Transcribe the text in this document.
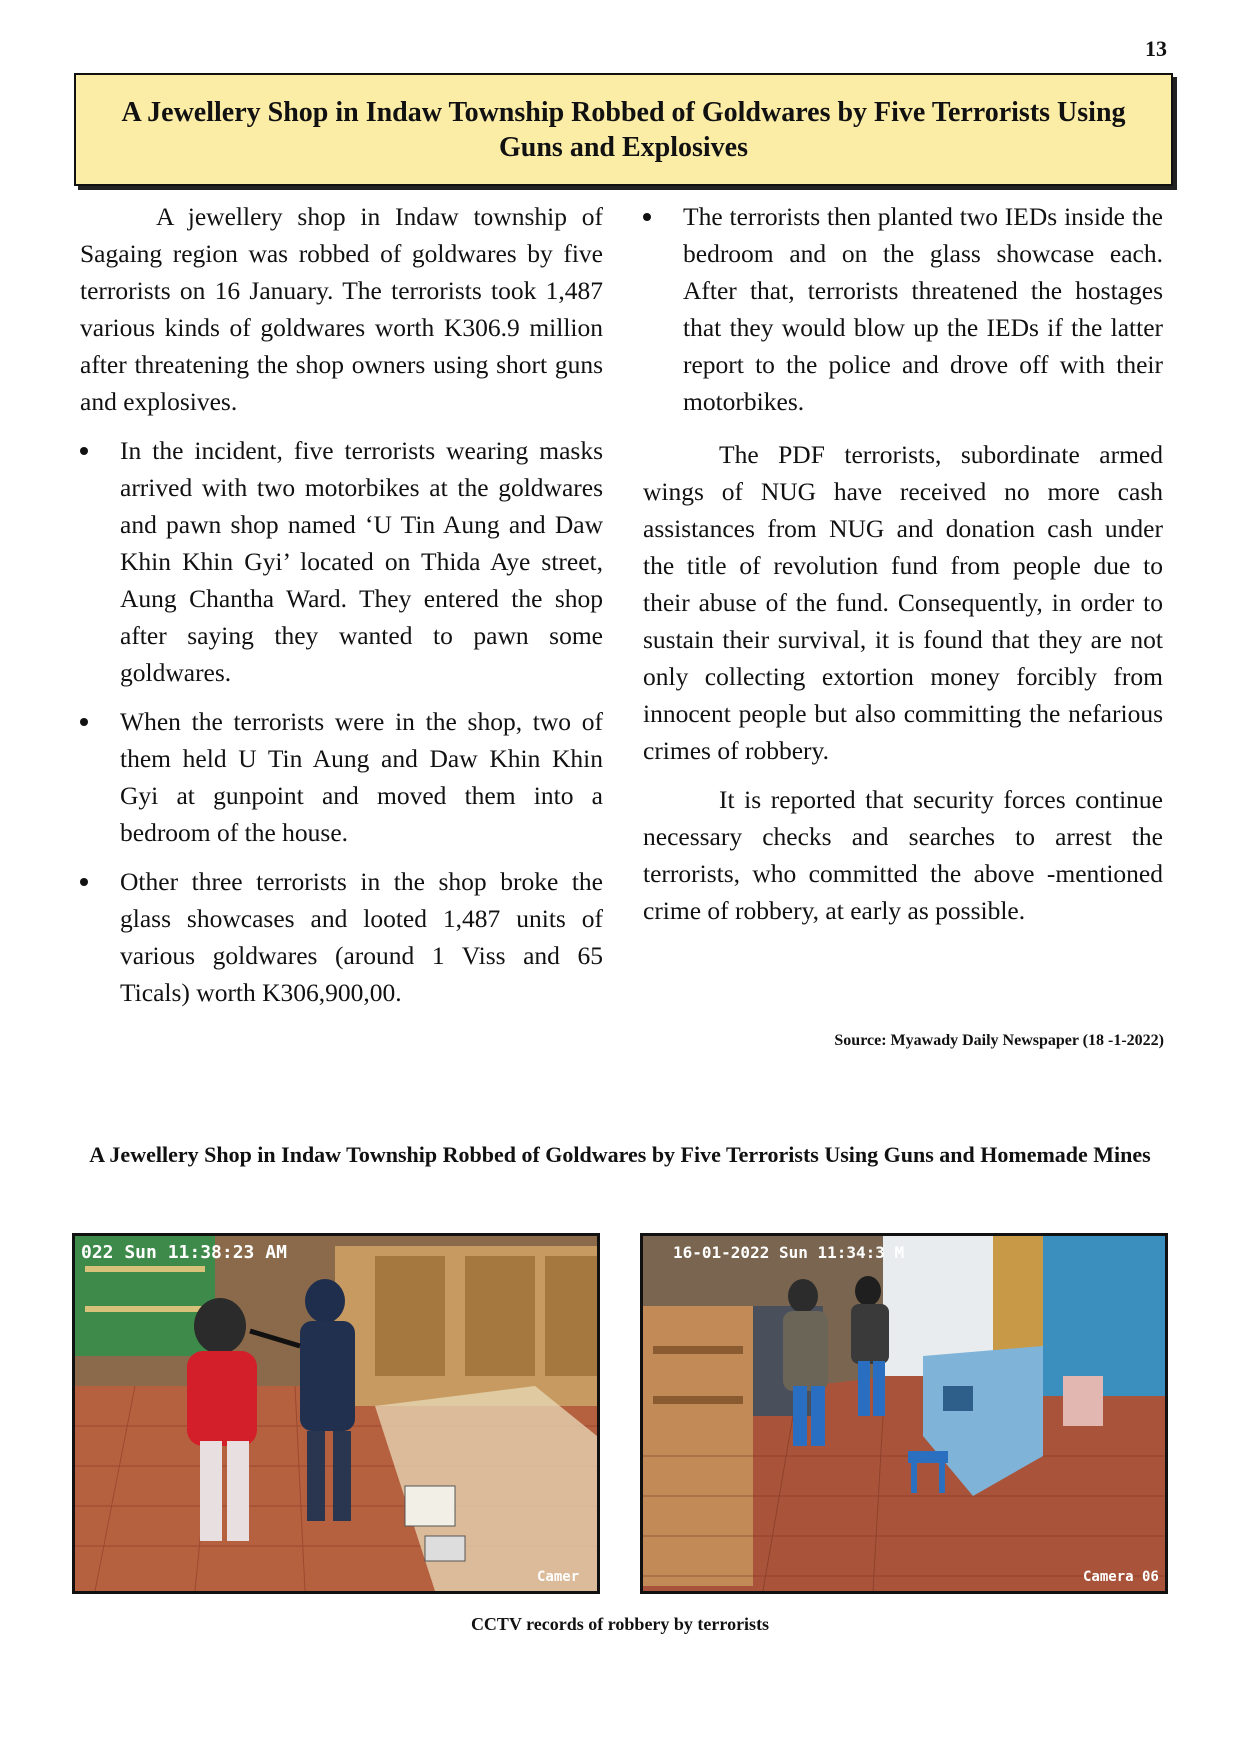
13
A Jewellery Shop in Indaw Township Robbed of Goldwares by Five Terrorists Using Guns and Explosives

A jewellery shop in Indaw township of Sagaing region was robbed of goldwares by five terrorists on 16 January. The terrorists took 1,487 various kinds of goldwares worth K306.9 million after threatening the shop owners using short guns and explosives.

In the incident, five terrorists wearing masks arrived with two motorbikes at the goldwares and pawn shop named ‘U Tin Aung and Daw Khin Khin Gyi’ located on Thida Aye street, Aung Chantha Ward. They entered the shop after saying they wanted to pawn some goldwares.
When the terrorists were in the shop, two of them held U Tin Aung and Daw Khin Khin Gyi at gunpoint and moved them into a bedroom of the house.
Other three terrorists in the shop broke the glass showcases and looted 1,487 units of various goldwares (around 1 Viss and 65 Ticals) worth K306,900,00.
The terrorists then planted two IEDs inside the bedroom and on the glass showcase each. After that, terrorists threatened the hostages that they would blow up the IEDs if the latter report to the police and drove off with their motorbikes.

The PDF terrorists, subordinate armed wings of NUG have received no more cash assistances from NUG and donation cash under the title of revolution fund from people due to their abuse of the fund. Consequently, in order to sustain their survival, it is found that they are not only collecting extortion money forcibly from innocent people but also committing the nefarious crimes of robbery.

It is reported that security forces continue necessary checks and searches to arrest the terrorists, who committed the above -mentioned crime of robbery, at early as possible.

Source: Myawady Daily Newspaper (18 -1-2022)
A Jewellery Shop in Indaw Township Robbed of Goldwares by Five Terrorists Using Guns and Homemade Mines
022 Sun 11:38:23 AM
Camer
16-01-2022 Sun 11:34:3 M
Camera 06
CCTV records of robbery by terrorists
